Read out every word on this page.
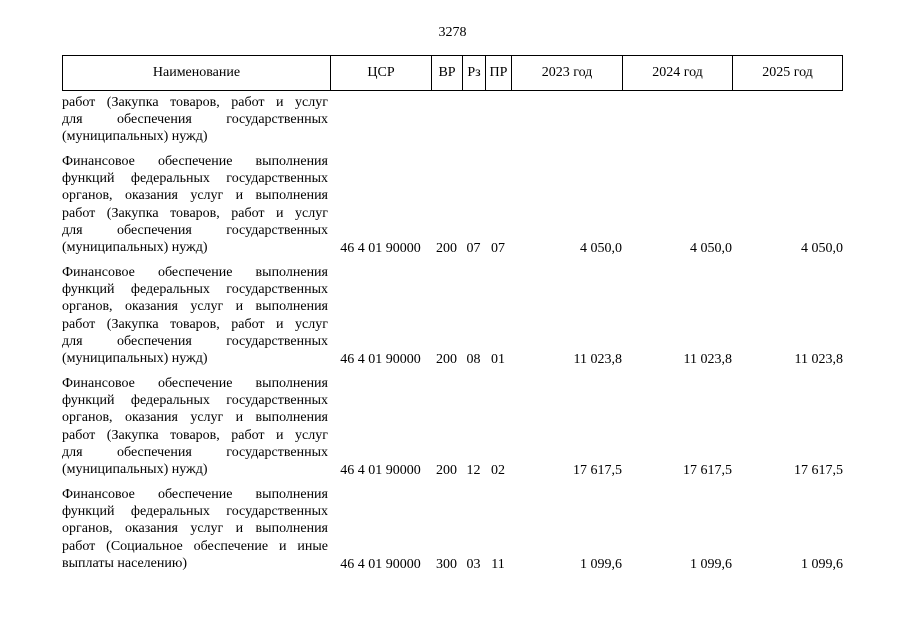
3278
Наименование	ЦСР	ВР Рз ПР	2023 год	2024 год	2025 год
работ (Закупка товаров, работ и услуг
для обеспечения государственных
(муниципальных) нужд)
Финансовое обеспечение выполнения
функций федеральных государственных
органов, оказания услуг и выполнения
работ (Закупка товаров, работ и услуг
для обеспечения государственных
(муниципальных) нужд)	46 4 01 90000	200 07 07	4 050,0	4 050,0	4 050,0
Финансовое обеспечение выполнения
функций федеральных государственных
органов, оказания услуг и выполнения
работ (Закупка товаров, работ и услуг
для обеспечения государственных
(муниципальных) нужд)	46 4 01 90000	200 08 01	11 023,8	11 023,8	11 023,8
Финансовое обеспечение выполнения
функций федеральных государственных
органов, оказания услуг и выполнения
работ (Закупка товаров, работ и услуг
для обеспечения государственных
(муниципальных) нужд)	46 4 01 90000	200 12 02	17 617,5	17 617,5	17 617,5
Финансовое обеспечение выполнения
функций федеральных государственных
органов, оказания услуг и выполнения
работ (Социальное обеспечение и иные
выплаты населению)	46 4 01 90000	300 03 11	1 099,6	1 099,6	1 099,6
